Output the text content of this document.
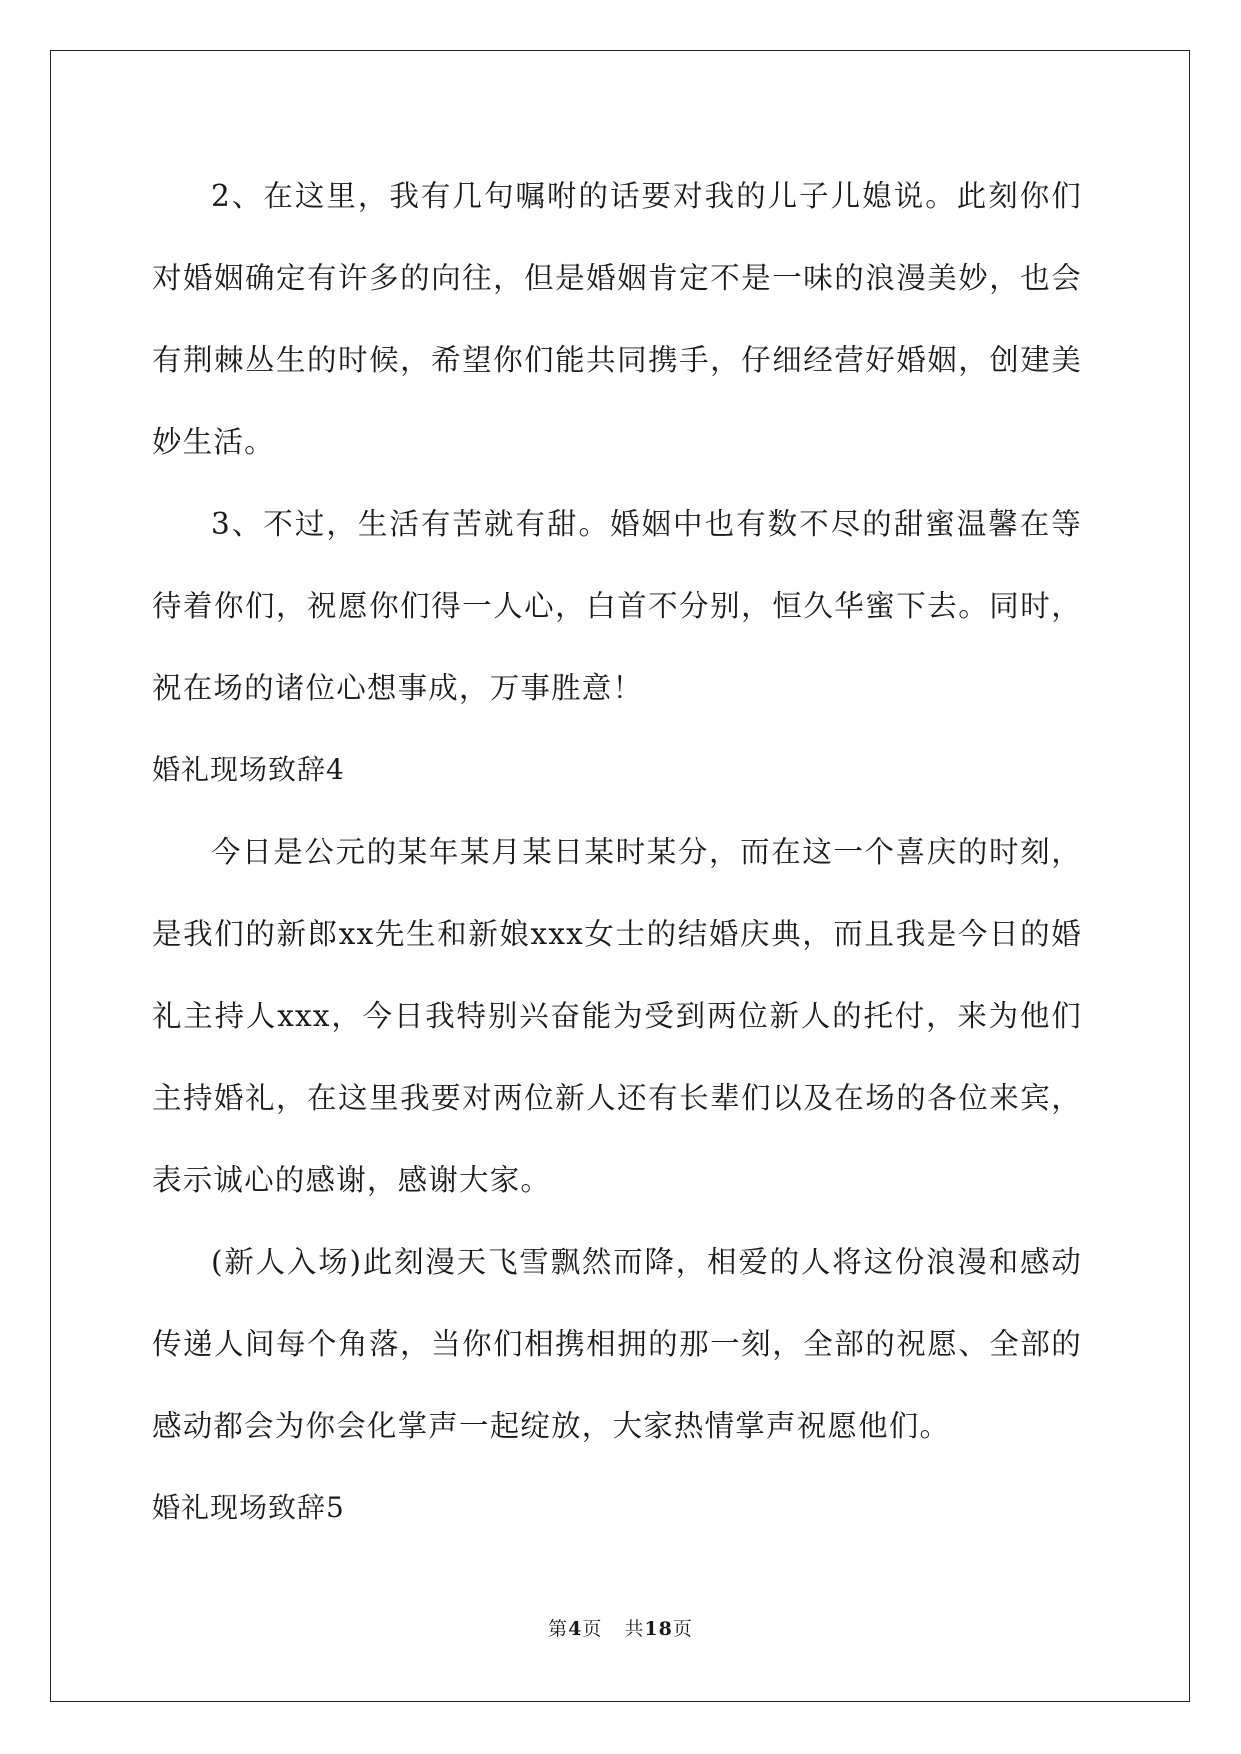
2、在这里，我有几句嘱咐的话要对我的儿子儿媳说。此刻你们对婚姻确定有许多的向往，但是婚姻肯定不是一味的浪漫美妙，也会有荆棘丛生的时候，希望你们能共同携手，仔细经营好婚姻，创建美妙生活。

3、不过，生活有苦就有甜。婚姻中也有数不尽的甜蜜温馨在等待着你们，祝愿你们得一人心，白首不分别，恒久华蜜下去。同时，祝在场的诸位心想事成，万事胜意！

婚礼现场致辞4

今日是公元的某年某月某日某时某分，而在这一个喜庆的时刻，是我们的新郎xx先生和新娘xxx女士的结婚庆典，而且我是今日的婚礼主持人xxx，今日我特别兴奋能为受到两位新人的托付，来为他们主持婚礼，在这里我要对两位新人还有长辈们以及在场的各位来宾，表示诚心的感谢，感谢大家。

(新人入场)此刻漫天飞雪飘然而降，相爱的人将这份浪漫和感动传递人间每个角落，当你们相携相拥的那一刻，全部的祝愿、全部的感动都会为你会化掌声一起绽放，大家热情掌声祝愿他们。

婚礼现场致辞5

第4页 共18页
